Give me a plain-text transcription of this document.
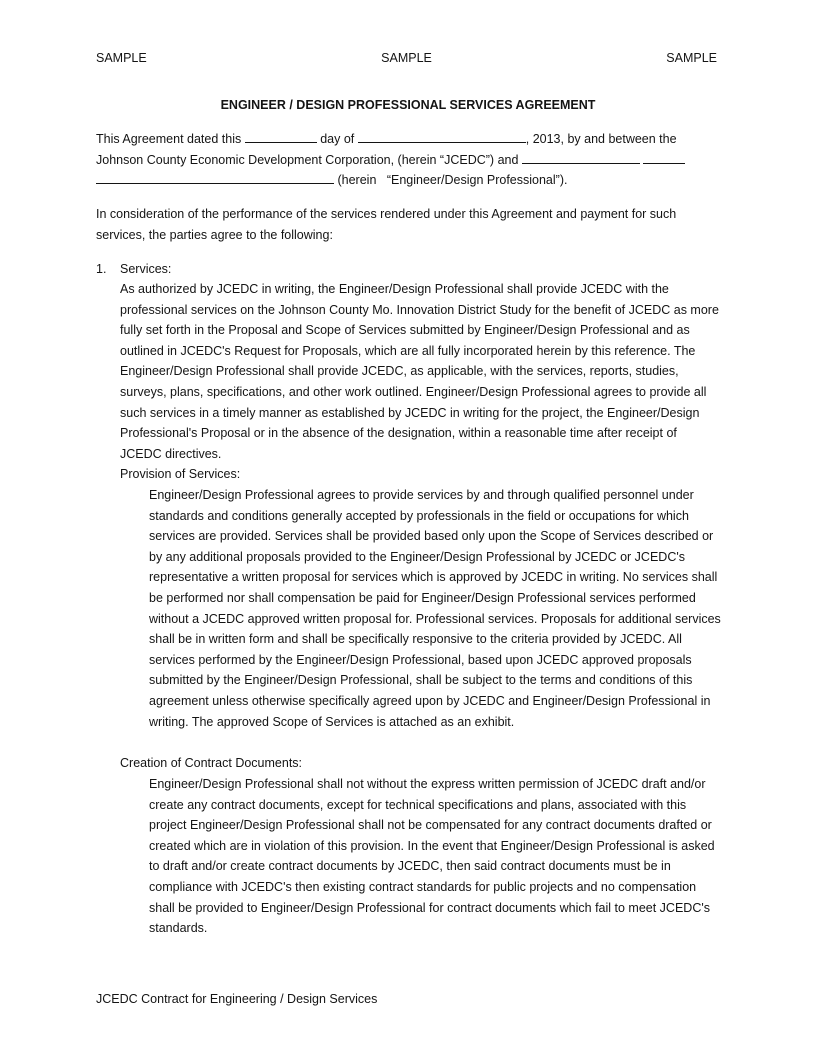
SAMPLE	SAMPLE	SAMPLE
ENGINEER / DESIGN PROFESSIONAL SERVICES AGREEMENT
This Agreement dated this	day of	, 2013, by and between the Johnson County Economic Development Corporation, (herein “JCEDC”) and    (herein   “Engineer/Design Professional”).
In consideration of the performance of the services rendered under this Agreement and payment for such services, the parties agree to the following:
1. Services:
As authorized by JCEDC in writing, the Engineer/Design Professional shall provide JCEDC with the professional services on the Johnson County Mo. Innovation District Study for the benefit of JCEDC as more fully set forth in the Proposal and Scope of Services submitted by Engineer/Design Professional and as outlined in JCEDC's Request for Proposals, which are all fully incorporated herein by this reference. The Engineer/Design Professional shall provide JCEDC, as applicable, with the services, reports, studies, surveys, plans, specifications, and other work outlined. Engineer/Design Professional agrees to provide all such services in a timely manner as established by JCEDC in writing for the project, the Engineer/Design Professional's Proposal or in the absence of the designation, within a reasonable time after receipt of JCEDC directives.
Provision of Services:
Engineer/Design Professional agrees to provide services by and through qualified personnel under standards and conditions generally accepted by professionals in the field or occupations for which services are provided. Services shall be provided based only upon the Scope of Services described or by any additional proposals provided to the Engineer/Design Professional by JCEDC or JCEDC's representative a written proposal for services which is approved by JCEDC in writing. No services shall be performed nor shall compensation be paid for Engineer/Design Professional services performed without a JCEDC approved written proposal for. Professional services. Proposals for additional services shall be in written form and shall be specifically responsive to the criteria provided by JCEDC. All services performed by the Engineer/Design Professional, based upon JCEDC approved proposals submitted by the Engineer/Design Professional, shall be subject to the terms and conditions of this agreement unless otherwise specifically agreed upon by JCEDC and Engineer/Design Professional in writing. The approved Scope of Services is attached as an exhibit.
Creation of Contract Documents:
Engineer/Design Professional shall not without the express written permission of JCEDC draft and/or create any contract documents, except for technical specifications and plans, associated with this project Engineer/Design Professional shall not be compensated for any contract documents drafted or created which are in violation of this provision. In the event that Engineer/Design Professional is asked to draft and/or create contract documents by JCEDC, then said contract documents must be in compliance with JCEDC's then existing contract standards for public projects and no compensation shall be provided to Engineer/Design Professional for contract documents which fail to meet JCEDC's standards.
JCEDC Contract for Engineering / Design Services
